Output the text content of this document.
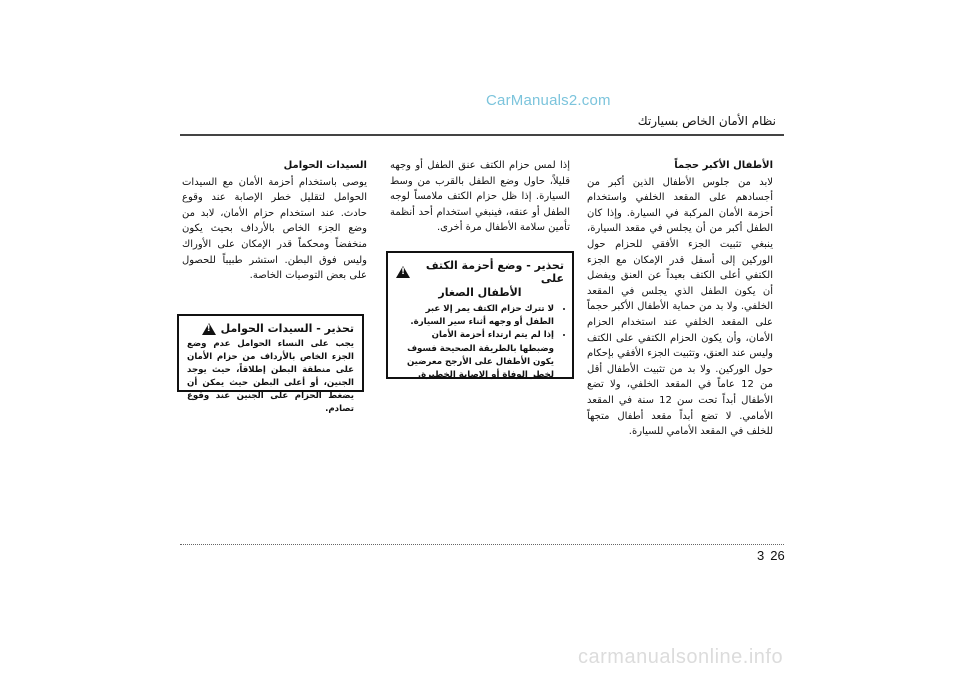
CarManuals2.com
نظام الأمان الخاص بسيارتك
الأطفال الأكبر حجماً

لابد من جلوس الأطفال الذين أكبر من أجسادهم على المقعد الخلفي واستخدام أحزمة الأمان المركبة في السيارة. وإذا كان الطفل أكبر من أن يجلس في مقعد السيارة، ينبغي تثبيت الجزء الأفقي للحزام حول الوركين إلى أسفل قدر الإمكان مع الجزء الكتفي أعلى الكتف بعيداً عن العنق ويفضل أن يكون الطفل الذي يجلس في المقعد الخلفي. ولا بد من حماية الأطفال الأكبر حجماً على المقعد الخلفي عند استخدام الحزام الأمان، وأن يكون الحزام الكتفي على الكتف وليس عند العنق، وتثبيت الجزء الأفقي بإحكام حول الوركين. ولا بد من تثبيت الأطفال أقل من 12 عاماً في المقعد الخلفي، ولا تضع الأطفال أبداً تحت سن 12 سنة في المقعد الأمامي. لا تضع أبداً مقعد أطفال متجهاً للخلف في المقعد الأمامي للسيارة.

إذا لمس حزام الكتف عنق الطفل أو وجهه قليلاً، حاول وضع الطفل بالقرب من وسط السيارة. إذا ظل حزام الكتف ملامساً لوجه الطفل أو عنقه، فينبغي استخدام أحد أنظمة تأمين سلامة الأطفال مرة أخرى.

تحذير - وضع أحزمة الكتف على
!
الأطفال الصغار
• لا تترك حزام الكتف يمر إلا عبر الطفل أو وجهه أثناء سير السيارة.
• إذا لم يتم ارتداء أحزمة الأمان وضبطها بالطريقة الصحيحة فسوف يكون الأطفال على الأرجح معرضين لخطر الوفاة أو الإصابة الخطيرة.
السيدات الحوامل

يوصى باستخدام أحزمة الأمان مع السيدات الحوامل لتقليل خطر الإصابة عند وقوع حادث. عند استخدام حزام الأمان، لابد من وضع الجزء الخاص بالأرداف بحيث يكون منخفضاً ومحكماً قدر الإمكان على الأوراك وليس فوق البطن. استشر طبيباً للحصول على بعض التوصيات الخاصة.

تحذير - السيدات الحوامل
!

يجب على النساء الحوامل عدم وضع الجزء الخاص بالأرداف من حزام الأمان على منطقة البطن إطلاقاً، حيث يوجد الجنين، أو أعلى البطن حيث يمكن أن يضغط الحزام على الجنين عند وقوع تصادم.

3 26
carmanualsonline.info
